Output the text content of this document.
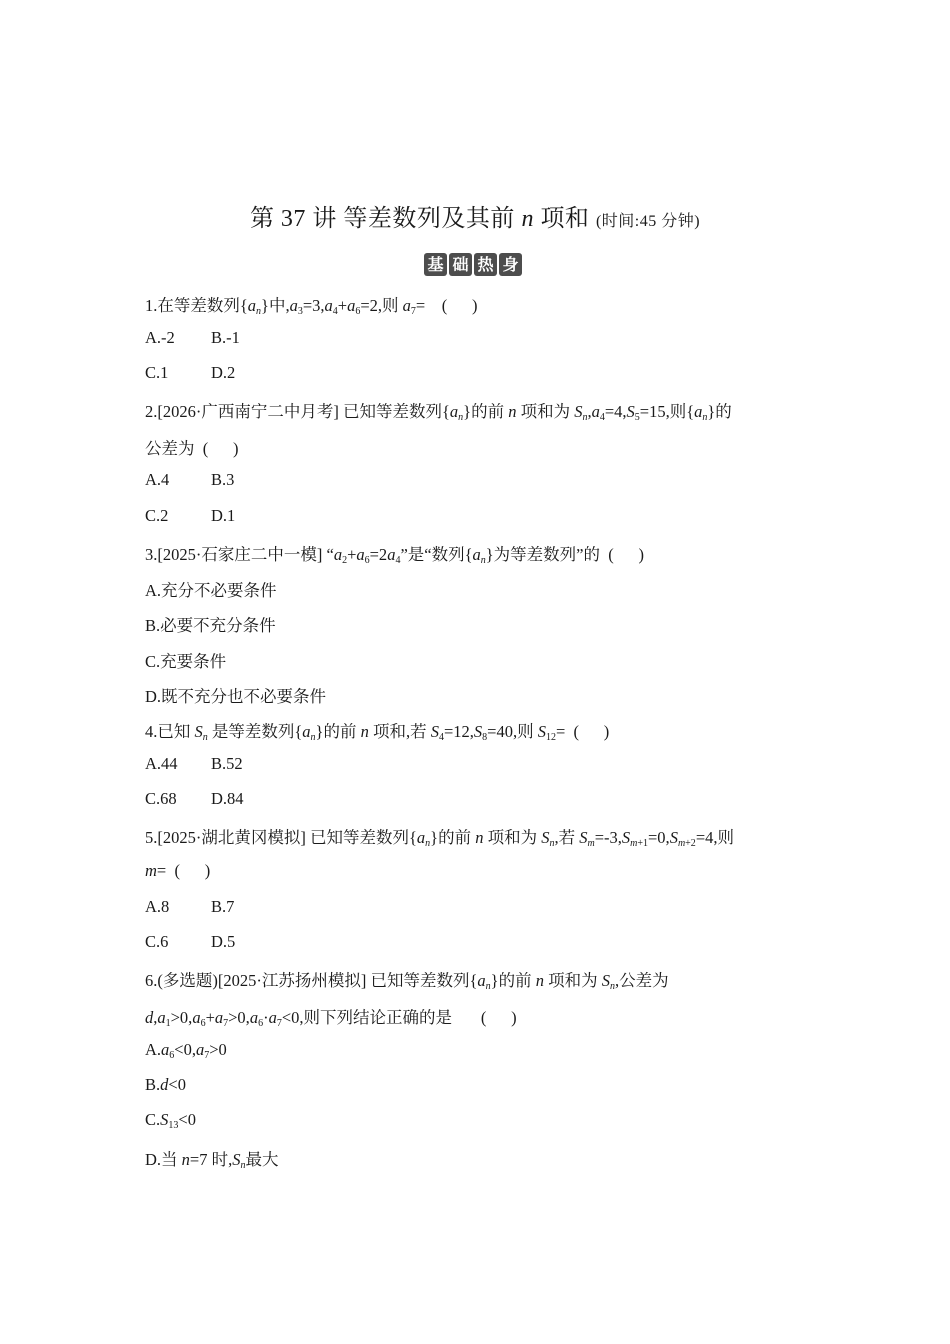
第 37 讲 等差数列及其前 n 项和 (时间:45 分钟)
基 础 热 身
1.在等差数列$\{a_n\}$中$,a_3=3,a_4+a_6=2$,则 $a_7=$ (      )
A.-2 B.-1
C.1	D.2
2.[2026·广西南宁二中月考] 已知等差数列$\{a_n\}$的前 n 项和为 $S_n,a_4=4,S_5=15$,则$\{a_n\}$的
公差为 (      )
A.4	B.3
C.2	D.1
3.[2025·石家庄二中一模] “$a_2+a_6=2a_4$”是“数列$\{a_n\}$为等差数列”的 (      )
A.充分不必要条件
B.必要不充分条件
C.充要条件
D.既不充分也不必要条件
4.已知 $S_n$ 是等差数列$\{a_n\}$的前 n 项和,若 $S_4=12,S_8=40$,则 $S_{12}=$ (      )
A.44 B.52
C.68 D.84
5.[2025·湖北黄冈模拟] 已知等差数列$\{a_n\}$的前 n 项和为 $S_n$,若 $S_m=-3,S_{m+1}=0,S_{m+2}=4$,则
m= (      )
A.8	B.7
C.6	D.5
6.(多选题)[2025·江苏扬州模拟] 已知等差数列$\{a_n\}$的前 n 项和为 $S_n$,公差为
$d,a_1>0,a_6+a_7>0,a_6\cdot a_7<0$,则下列结论正确的是 (      )
$A.a_6<0,a_7>0$
B.d<0
$C.S_{13}<0$
D.当 n=7 时$,S_n$最大
